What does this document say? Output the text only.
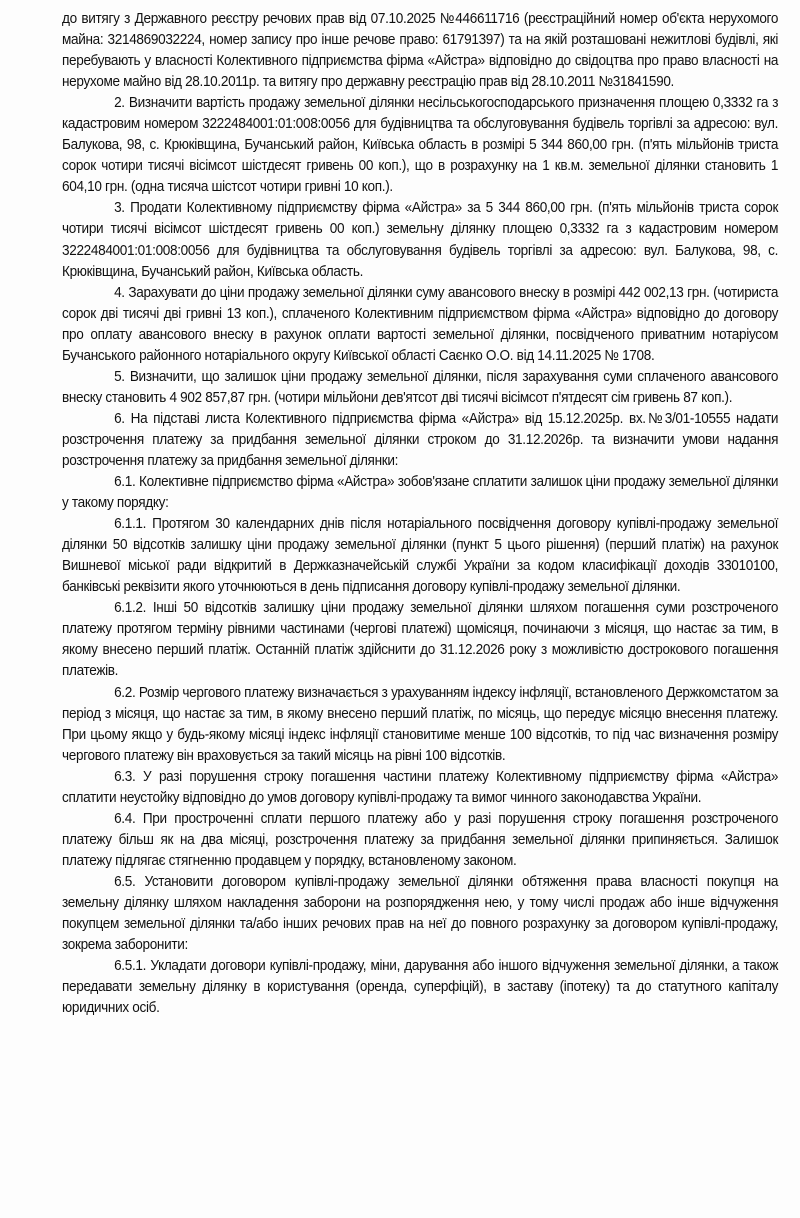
до витягу з Державного реєстру речових прав від 07.10.2025 №446611716 (реєстраційний номер об'єкта нерухомого майна: 3214869032224, номер запису про інше речове право: 61791397) та на якій розташовані нежитлові будівлі, які перебувають у власності Колективного підприємства фірма «Айстра» відповідно до свідоцтва про право власності на нерухоме майно від 28.10.2011р. та витягу про державну реєстрацію прав від 28.10.2011 №31841590.

2. Визначити вартість продажу земельної ділянки несільськогосподарського призначення площею 0,3332 га з кадастровим номером 3222484001:01:008:0056 для будівництва та обслуговування будівель торгівлі за адресою: вул. Балукова, 98, с. Крюківщина, Бучанський район, Київська область в розмірі 5 344 860,00 грн. (п'ять мільйонів триста сорок чотири тисячі вісімсот шістдесят гривень 00 коп.), що в розрахунку на 1 кв.м. земельної ділянки становить 1 604,10 грн. (одна тисяча шістсот чотири гривні 10 коп.).

3. Продати Колективному підприємству фірма «Айстра» за 5 344 860,00 грн. (п'ять мільйонів триста сорок чотири тисячі вісімсот шістдесят гривень 00 коп.) земельну ділянку площею 0,3332 га з кадастровим номером 3222484001:01:008:0056 для будівництва та обслуговування будівель торгівлі за адресою: вул. Балукова, 98, с. Крюківщина, Бучанський район, Київська область.

4. Зарахувати до ціни продажу земельної ділянки суму авансового внеску в розмірі 442 002,13 грн. (чотириста сорок дві тисячі дві гривні 13 коп.), сплаченого Колективним підприємством фірма «Айстра» відповідно до договору про оплату авансового внеску в рахунок оплати вартості земельної ділянки, посвідченого приватним нотаріусом Бучанського районного нотаріального округу Київської області Саєнко О.О. від 14.11.2025 № 1708.

5. Визначити, що залишок ціни продажу земельної ділянки, після зарахування суми сплаченого авансового внеску становить 4 902 857,87 грн. (чотири мільйони дев'ятсот дві тисячі вісімсот п'ятдесят сім гривень 87 коп.).

6. На підставі листа Колективного підприємства фірма «Айстра» від 15.12.2025р. вх.№3/01-10555 надати розстрочення платежу за придбання земельної ділянки строком до 31.12.2026р. та визначити умови надання розстрочення платежу за придбання земельної ділянки:

6.1. Колективне підприємство фірма «Айстра» зобов'язане сплатити залишок ціни продажу земельної ділянки у такому порядку:

6.1.1. Протягом 30 календарних днів після нотаріального посвідчення договору купівлі-продажу земельної ділянки 50 відсотків залишку ціни продажу земельної ділянки (пункт 5 цього рішення) (перший платіж) на рахунок Вишневої міської ради відкритий в Держказначейській службі України за кодом класифікації доходів 33010100, банківські реквізити якого уточнюються в день підписання договору купівлі-продажу земельної ділянки.

6.1.2. Інші 50 відсотків залишку ціни продажу земельної ділянки шляхом погашення суми розстроченого платежу протягом терміну рівними частинами (чергові платежі) щомісяця, починаючи з місяця, що настає за тим, в якому внесено перший платіж. Останній платіж здійснити до 31.12.2026 року з можливістю дострокового погашення платежів.

6.2. Розмір чергового платежу визначається з урахуванням індексу інфляції, встановленого Держкомстатом за період з місяця, що настає за тим, в якому внесено перший платіж, по місяць, що передує місяцю внесення платежу. При цьому якщо у будь-якому місяці індекс інфляції становитиме менше 100 відсотків, то під час визначення розміру чергового платежу він враховується за такий місяць на рівні 100 відсотків.

6.3. У разі порушення строку погашення частини платежу Колективному підприємству фірма «Айстра» сплатити неустойку відповідно до умов договору купівлі-продажу та вимог чинного законодавства України.

6.4. При простроченні сплати першого платежу або у разі порушення строку погашення розстроченого платежу більш як на два місяці, розстрочення платежу за придбання земельної ділянки припиняється. Залишок платежу підлягає стягненню продавцем у порядку, встановленому законом.

6.5. Установити договором купівлі-продажу земельної ділянки обтяження права власності покупця на земельну ділянку шляхом накладення заборони на розпорядження нею, у тому числі продаж або інше відчуження покупцем земельної ділянки та/або інших речових прав на неї до повного розрахунку за договором купівлі-продажу, зокрема заборонити:

6.5.1. Укладати договори купівлі-продажу, міни, дарування або іншого відчуження земельної ділянки, а також передавати земельну ділянку в користування (оренда, суперфіцій), в заставу (іпотеку) та до статутного капіталу юридичних осіб.
